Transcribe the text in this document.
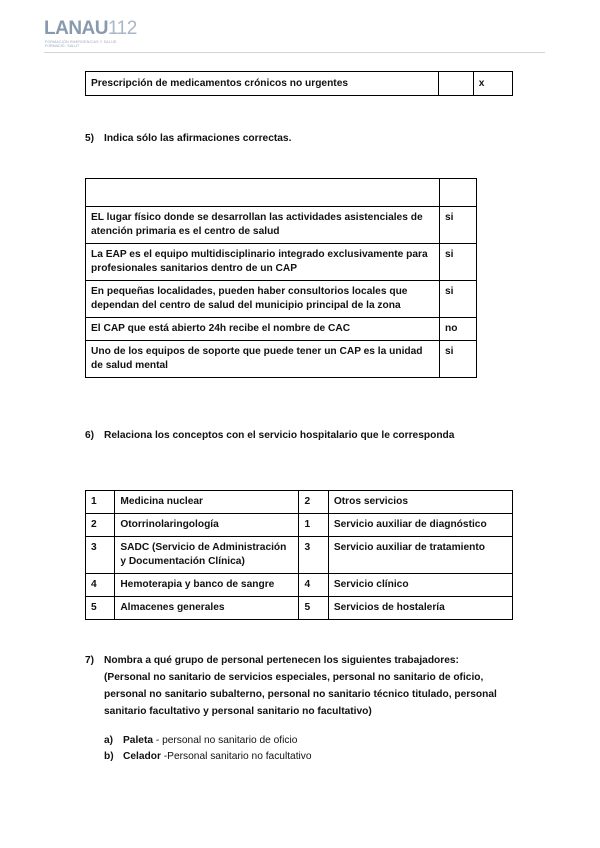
LANAU112
FORMACIÓN EMERGENCIAS Y SALUD
FORMACIÓ · SALUT
Prescripción de medicamentos crónicos no urgentes		x
5) Indica sólo las afirmaciones correctas.

EL lugar físico donde se desarrollan las actividades asistenciales de atención primaria es el centro de salud	si
La EAP es el equipo multidisciplinario integrado exclusivamente para profesionales sanitarios dentro de un CAP	si
En pequeñas localidades, pueden haber consultorios locales que dependan del centro de salud del municipio principal de la zona	si
El CAP que está abierto 24h recibe el nombre de CAC	no
Uno de los equipos de soporte que puede tener un CAP es la unidad de salud mental	si
6) Relaciona los conceptos con el servicio hospitalario que le corresponda
1	Medicina nuclear	2	Otros servicios
2	Otorrinolaringología	1	Servicio auxiliar de diagnóstico
3	SADC (Servicio de Administración y Documentación Clínica)	3	Servicio auxiliar de tratamiento
4	Hemoterapia y banco de sangre	4	Servicio clínico
5	Almacenes generales	5	Servicios de hostalería
7) Nombra a qué grupo de personal pertenecen los siguientes trabajadores:
(Personal no sanitario de servicios especiales, personal no sanitario de oficio, personal no sanitario subalterno, personal no sanitario técnico titulado, personal sanitario facultativo y personal sanitario no facultativo)
a) Paleta - personal no sanitario de oficio
b) Celador -Personal sanitario no facultativo
